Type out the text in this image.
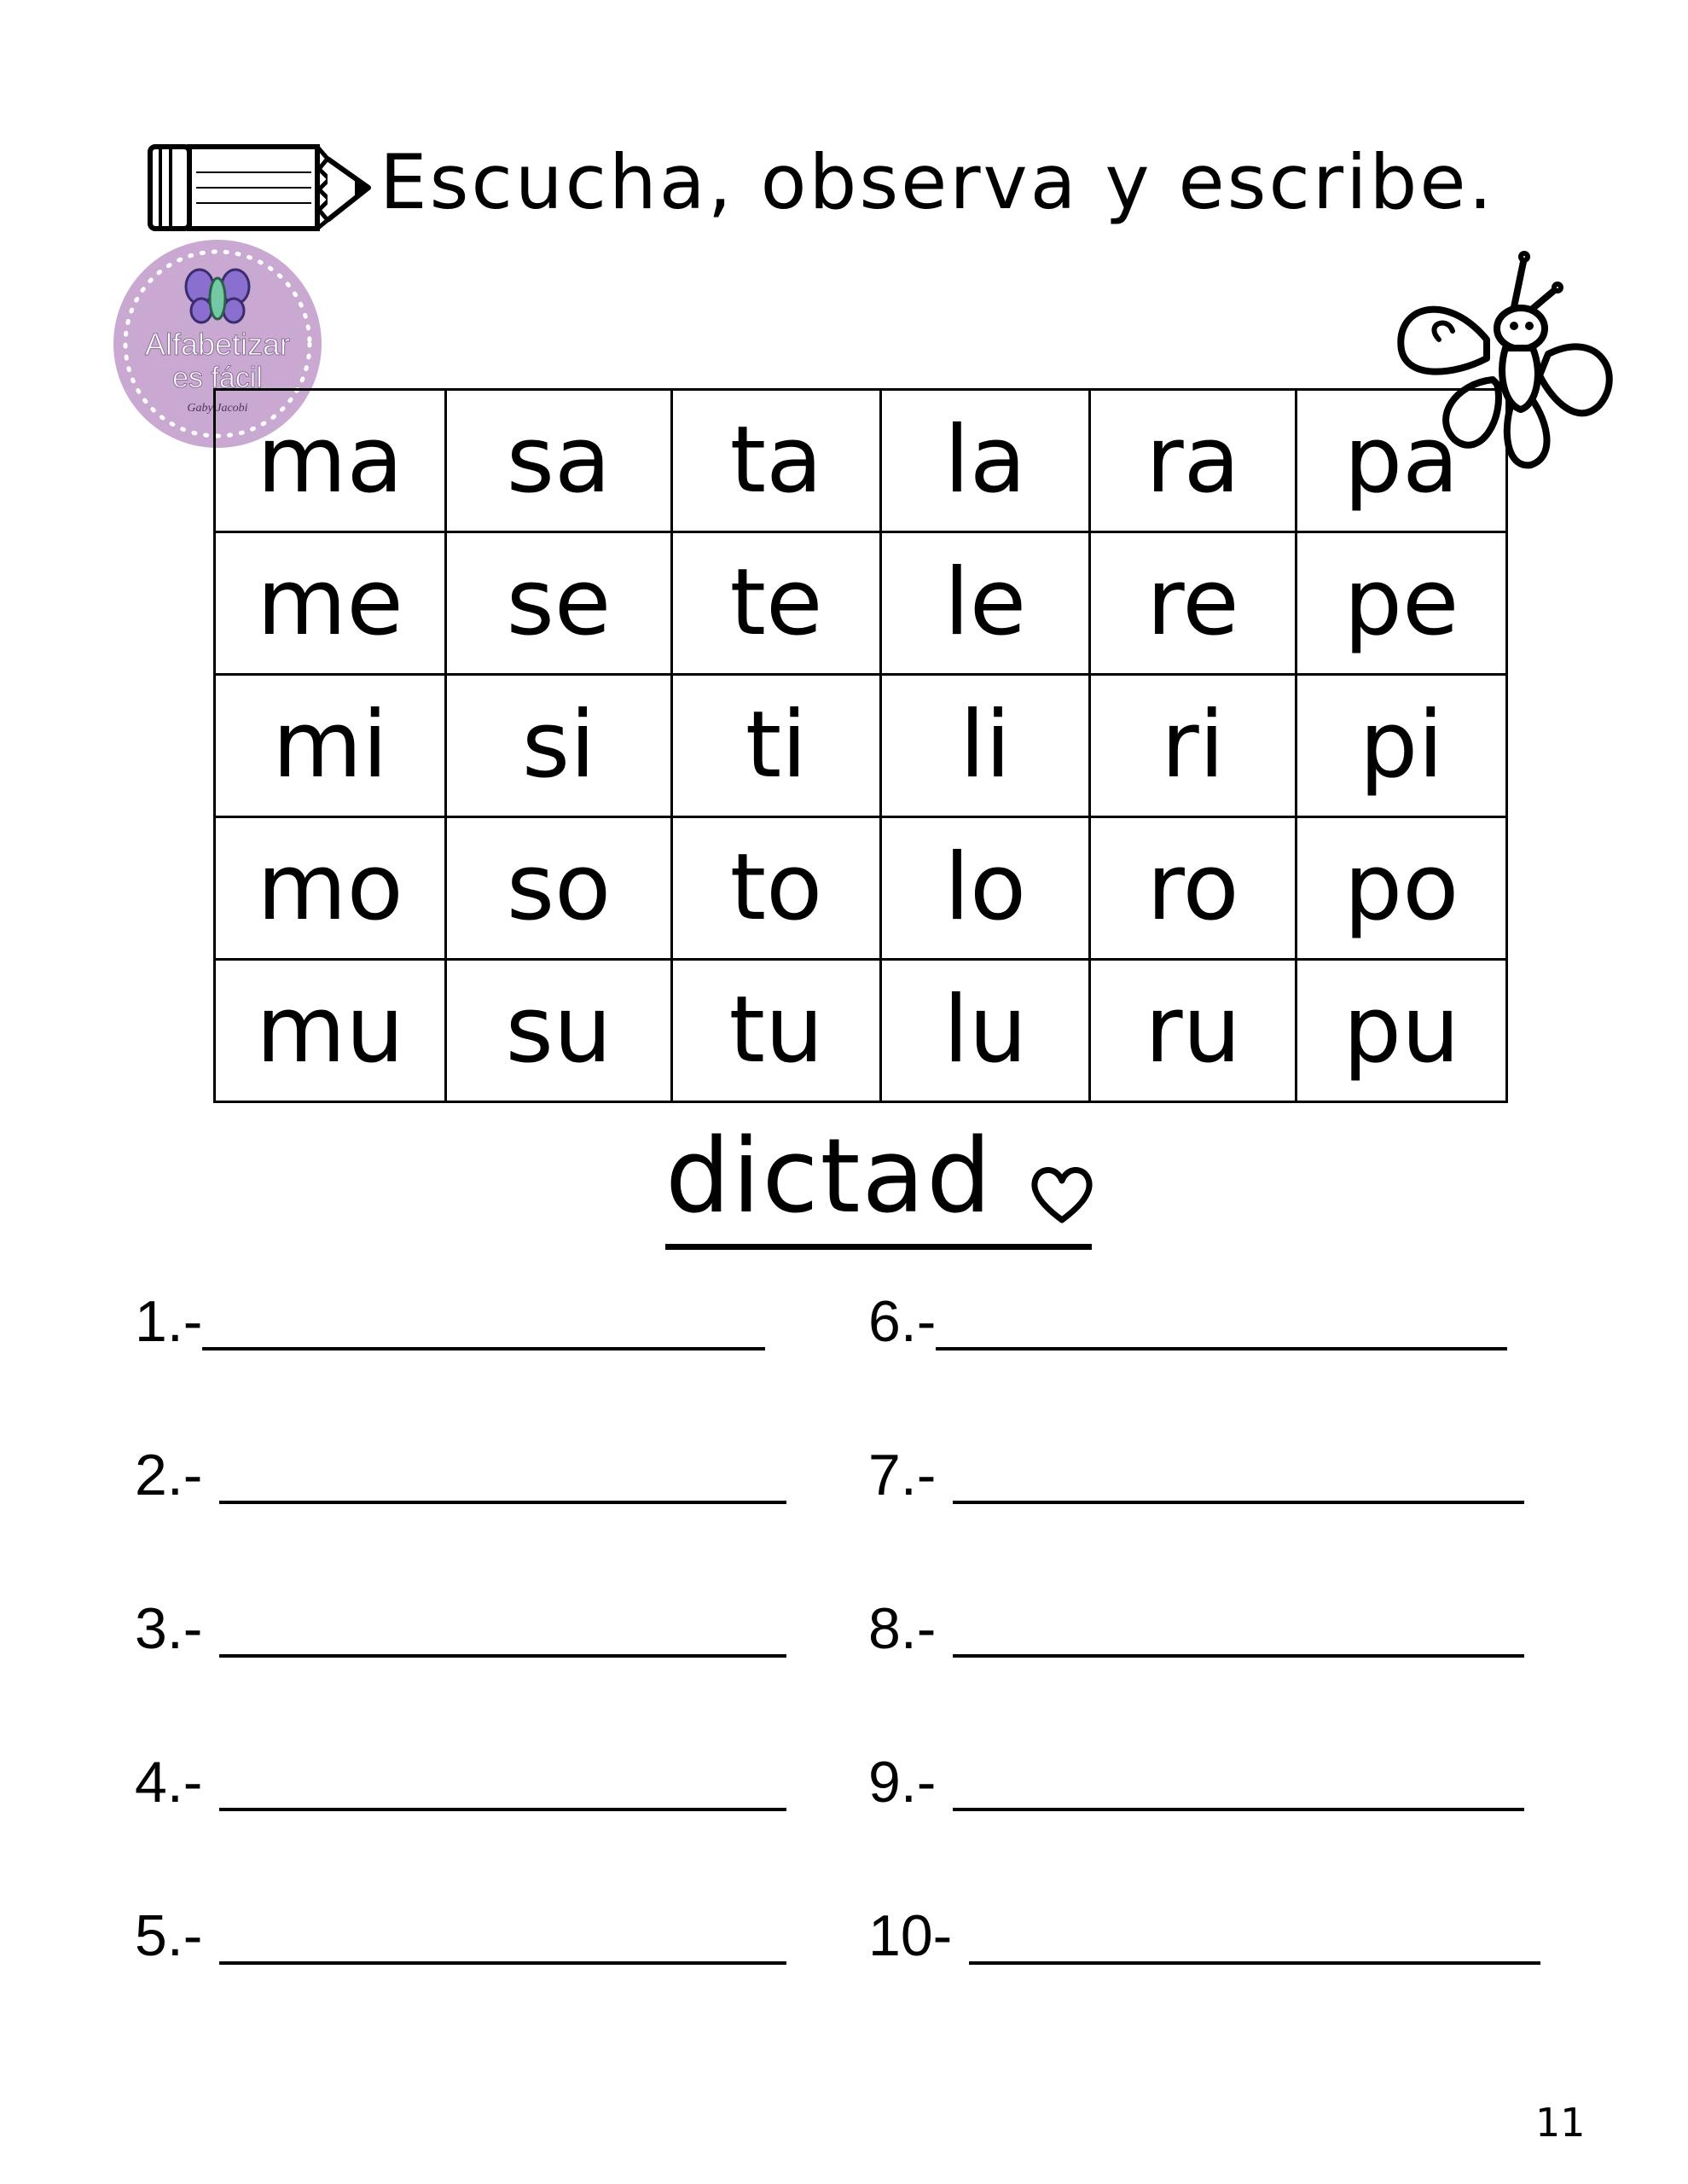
Escucha, observa y escribe.
Alfabetizar
es fácil
Gaby Jacobi ma	sa	ta	la	ra	pa
me	se	te	le	re	pe
mi	si	ti	li	ri	pi
mo	so	to	lo	ro	po
mu	su	tu	lu	ru	pu
dictad
1.-
2.-
3.-
4.-
5.-
6.-
7.-
8.-
9.-
10-
11
